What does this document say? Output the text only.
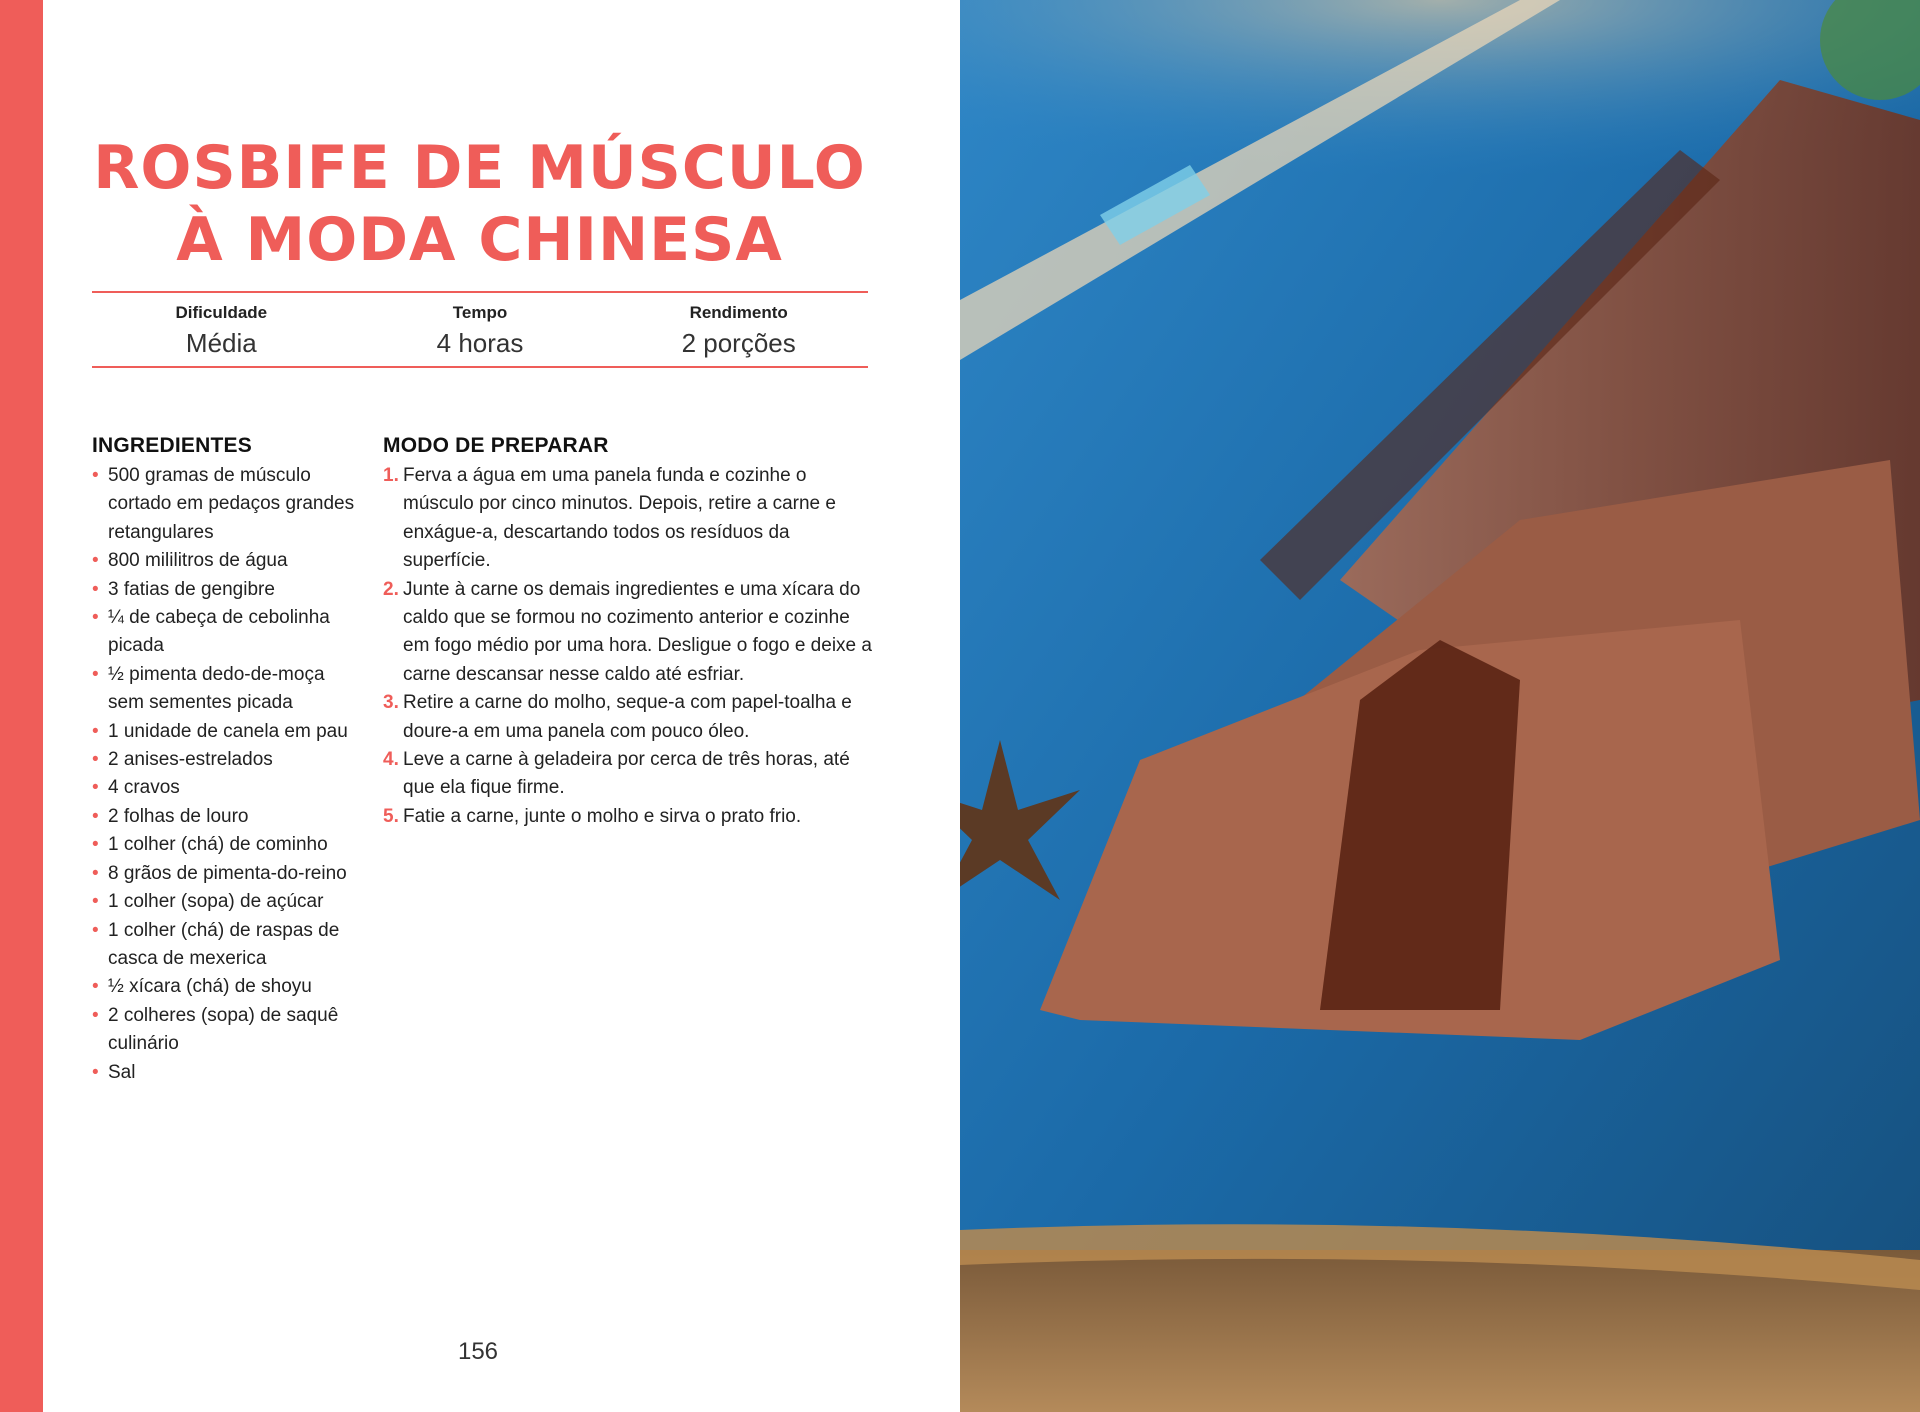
ROSBIFE DE MÚSCULO
À MODA CHINESA
Dificuldade
Média
Tempo
4 horas
Rendimento
2 porções
INGREDIENTES
• 500 gramas de músculo cortado em pedaços grandes retangulares
• 800 mililitros de água
• 3 fatias de gengibre
• ¼ de cabeça de cebolinha picada
• ½ pimenta dedo-de-moça sem sementes picada
• 1 unidade de canela em pau
• 2 anises-estrelados
• 4 cravos
• 2 folhas de louro
• 1 colher (chá) de cominho
• 8 grãos de pimenta-do-reino
• 1 colher (sopa) de açúcar
• 1 colher (chá) de raspas de casca de mexerica
• ½ xícara (chá) de shoyu
• 2 colheres (sopa) de saquê culinário
• Sal
MODO DE PREPARAR
1. Ferva a água em uma panela funda e cozinhe o músculo por cinco minutos. Depois, retire a carne e enxágue-a, descartando todos os resíduos da superfície.
2. Junte à carne os demais ingredientes e uma xícara do caldo que se formou no cozimento anterior e cozinhe em fogo médio por uma hora. Desligue o fogo e deixe a carne descansar nesse caldo até esfriar.
3. Retire a carne do molho, seque-a com papel-toalha e doure-a em uma panela com pouco óleo.
4. Leve a carne à geladeira por cerca de três horas, até que ela fique firme.
5. Fatie a carne, junte o molho e sirva o prato frio.
156
